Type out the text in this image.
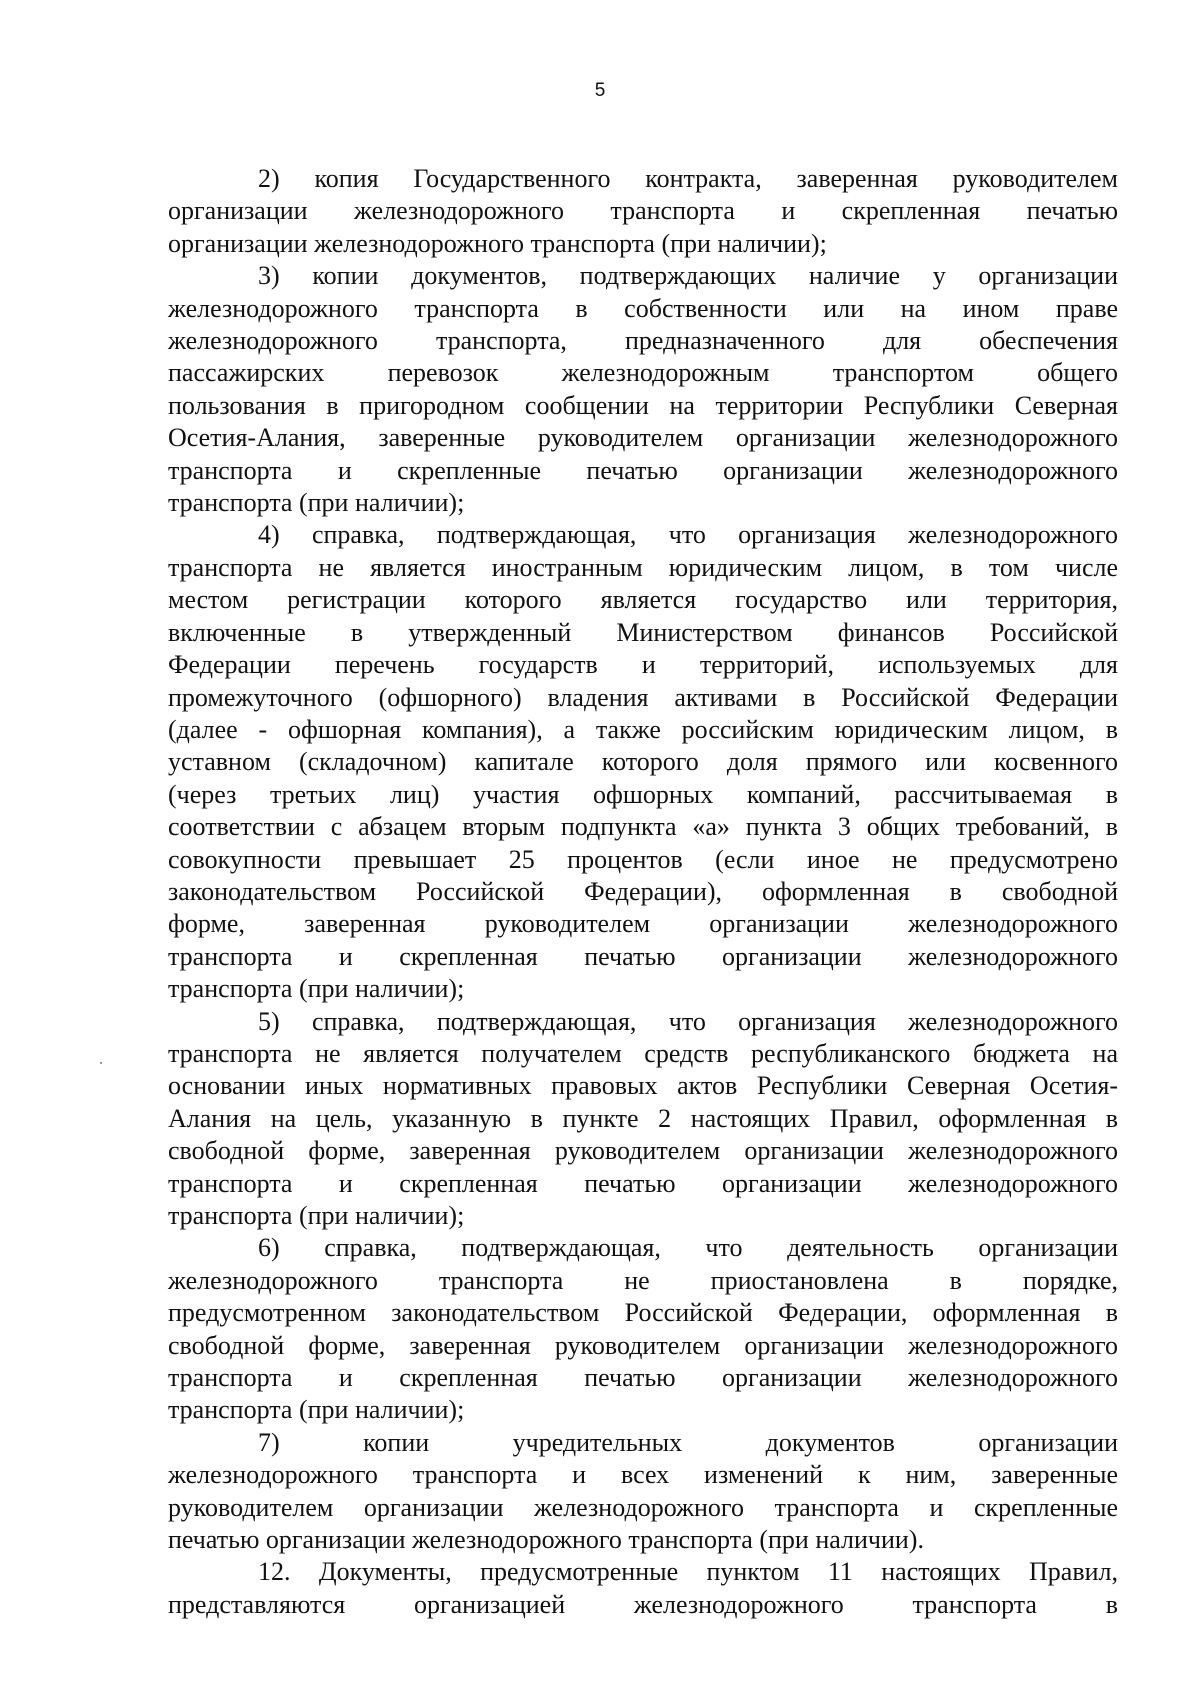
5
2) копия Государственного контракта, заверенная руководителем
организации железнодорожного транспорта и скрепленная печатью
организации железнодорожного транспорта (при наличии);
3) копии документов, подтверждающих наличие у организации
железнодорожного транспорта в собственности или на ином праве
железнодорожного транспорта, предназначенного для обеспечения
пассажирских перевозок железнодорожным транспортом общего
пользования в пригородном сообщении на территории Республики Северная
Осетия-Алания, заверенные руководителем организации железнодорожного
транспорта и скрепленные печатью организации железнодорожного
транспорта (при наличии);
4) справка, подтверждающая, что организация железнодорожного
транспорта не является иностранным юридическим лицом, в том числе
местом регистрации которого является государство или территория,
включенные в утвержденный Министерством финансов Российской
Федерации перечень государств и территорий, используемых для
промежуточного (офшорного) владения активами в Российской Федерации
(далее - офшорная компания), а также российским юридическим лицом, в
уставном (складочном) капитале которого доля прямого или косвенного
(через третьих лиц) участия офшорных компаний, рассчитываемая в
соответствии с абзацем вторым подпункта «а» пункта 3 общих требований, в
совокупности превышает 25 процентов (если иное не предусмотрено
законодательством Российской Федерации), оформленная в свободной
форме, заверенная руководителем организации железнодорожного
транспорта и скрепленная печатью организации железнодорожного
транспорта (при наличии);
5) справка, подтверждающая, что организация железнодорожного
транспорта не является получателем средств республиканского бюджета на
основании иных нормативных правовых актов Республики Северная Осетия-
Алания на цель, указанную в пункте 2 настоящих Правил, оформленная в
свободной форме, заверенная руководителем организации железнодорожного
транспорта и скрепленная печатью организации железнодорожного
транспорта (при наличии);
6) справка, подтверждающая, что деятельность организации
железнодорожного транспорта не приостановлена в порядке,
предусмотренном законодательством Российской Федерации, оформленная в
свободной форме, заверенная руководителем организации железнодорожного
транспорта и скрепленная печатью организации железнодорожного
транспорта (при наличии);
7) копии учредительных документов организации
железнодорожного транспорта и всех изменений к ним, заверенные
руководителем организации железнодорожного транспорта и скрепленные
печатью организации железнодорожного транспорта (при наличии).
12. Документы, предусмотренные пунктом 11 настоящих Правил,
представляются организацией железнодорожного транспорта в
